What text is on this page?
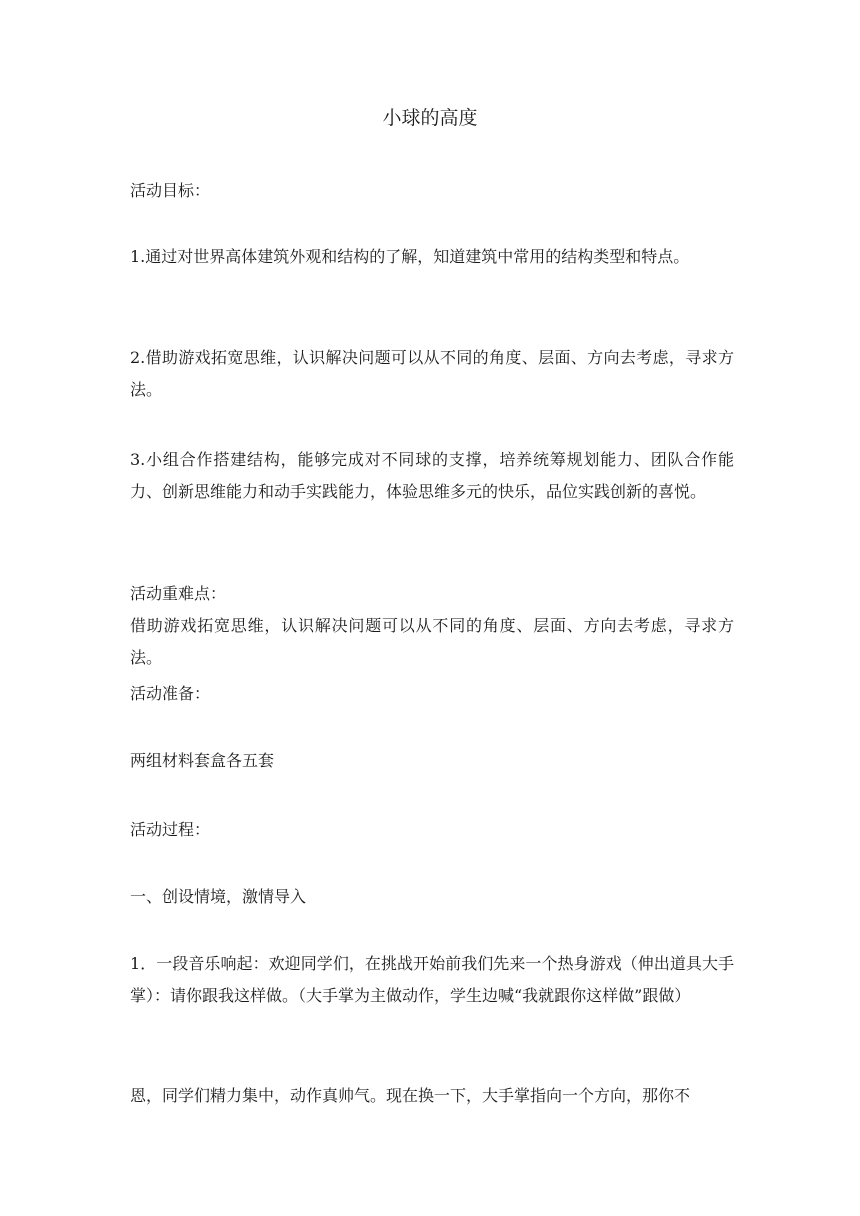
小球的高度
活动目标：
1.通过对世界高体建筑外观和结构的了解，知道建筑中常用的结构类型和特点。
2.借助游戏拓宽思维，认识解决问题可以从不同的角度、层面、方向去考虑，寻求方法。
3.小组合作搭建结构，能够完成对不同球的支撑，培养统筹规划能力、团队合作能力、创新思维能力和动手实践能力，体验思维多元的快乐，品位实践创新的喜悦。
活动重难点：
借助游戏拓宽思维，认识解决问题可以从不同的角度、层面、方向去考虑，寻求方法。
活动准备：
两组材料套盒各五套
活动过程：
一、创设情境，激情导入
1．一段音乐响起：欢迎同学们，在挑战开始前我们先来一个热身游戏（伸出道具大手掌）：请你跟我这样做。（大手掌为主做动作，学生边喊“我就跟你这样做”跟做）
恩，同学们精力集中，动作真帅气。现在换一下，大手掌指向一个方向，那你不
